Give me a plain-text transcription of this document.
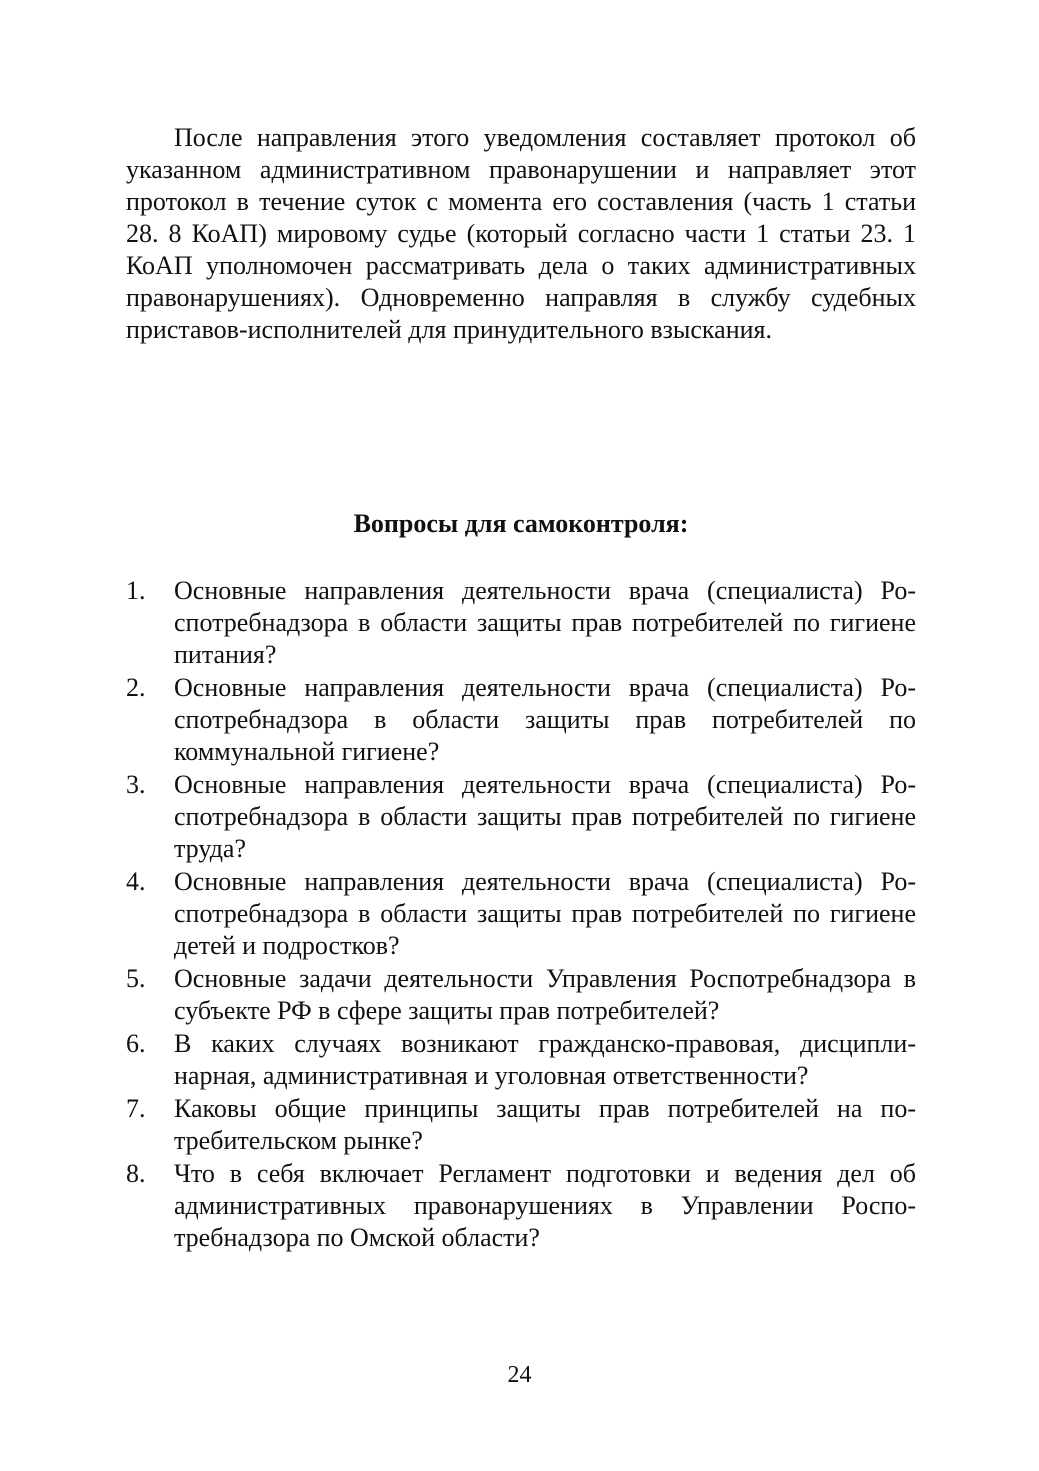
После направления этого уведомления составляет протокол об указанном административном правонарушении и направляет этот протокол в течение суток с момента его составления (часть 1 статьи 28. 8 КоАП) мировому судье (который согласно части 1 статьи 23. 1 КоАП уполномочен рассматривать дела о таких административных правонарушениях). Одновременно направляя в службу судебных приставов-исполнителей для принудительного взыскания.

Вопросы для самоконтроля:
1.	Основные направления деятельности врача (специалиста) Роспотребнадзора в области защиты прав потребителей по гигиене питания?
2.	Основные направления деятельности врача (специалиста) Роспотребнадзора в области защиты прав потребителей по коммунальной гигиене?
3.	Основные направления деятельности врача (специалиста) Роспотребнадзора в области защиты прав потребителей по гигиене труда?
4.	Основные направления деятельности врача (специалиста) Роспотребнадзора в области защиты прав потребителей по гигиене детей и подростков?
5.	Основные задачи деятельности Управления Роспотребнадзора в субъекте РФ в сфере защиты прав потребителей?
6.	В каких случаях возникают гражданско-правовая, дисциплинарная, административная и уголовная ответственности?
7.	Каковы общие принципы защиты прав потребителей на потребительском рынке?
8.	Что в себя включает Регламент подготовки и ведения дел об административных правонарушениях в Управлении Роспотребнадзора по Омской области?
24
